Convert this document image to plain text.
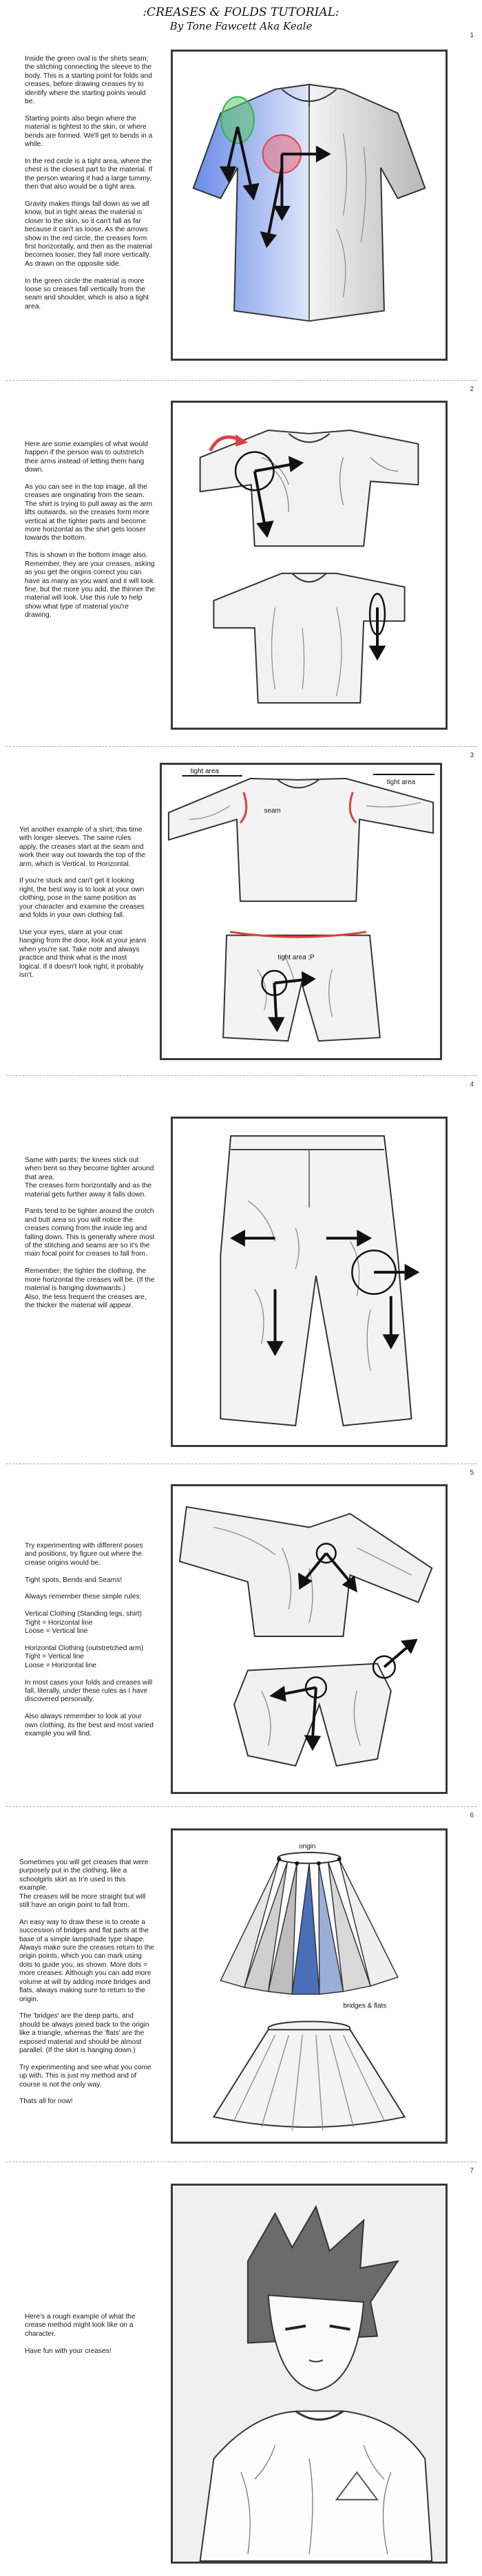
:CREASES & FOLDS TUTORIAL:
By Tone Fawcett Aka Keale
1
Inside the green oval is the shirts seam; the stitching connecting the sleeve to the body. This is a starting point for folds and creases, before drawing creases try to identify where the starting points would be.

Starting points also begin where the material is tightest to the skin, or where bends are formed. We'll get to bends in a while.

In the red circle is a tight area, where the chest is the closest part to the material. If the person wearing it had a large tummy, then that also would be a tight area.

Gravity makes things fall down as we all know, but in tight areas the material is closer to the skin, so it can't fall as far because it can't as loose. As the arrows show in the red circle, the creases form first horizontally, and then as the material becomes looser, they fall more vertically. As drawn on the opposite side.

In the green circle the material is more loose so creases fall vertically from the seam and shoulder, which is also a tight area.
2
Here are some examples of what would happen if the person was to outstretch their arms instead of letting them hang down.

As you can see in the top image, all the creases are originating from the seam. The shirt is trying to pull away as the arm lifts outwards, so the creases form more vertical at the tighter parts and become more horizontal as the shirt gets looser towards the bottom.

This is shown in the bottom image also. Remember, they are your creases, asking as you get the origins correct you can have as many as you want and it will look fine, but the more you add, the thinner the material will look. Use this rule to help show what type of material you're drawing.
3
Yet another example of a shirt; this time with longer sleeves. The same rules apply, the creases start at the seam and work their way out towards the top of the arm, which is Vertical, to Horizontal.

If you're stuck and can't get it looking right, the best way is to look at your own clothing, pose in the same position as your character and examine the creases and folds in your own clothing fall.

Use your eyes, stare at your coat hanging from the door, look at your jeans when you're sat. Take note and always practice and think what is the most logical. If it doesn't look right, it probably isn't.
tight area
tight area
seam
tight area ;P
4
Same with pants; the knees stick out when bent so they become tighter around that area.
The creases form horizontally and as the material gets further away it falls down.

Pants tend to be tighter around the crotch and butt area so you will notice the creases coming from the inside leg and falling down. This is generally where most of the stitching and seams are so it's the main focal point for creases to fall from.

Remember; the tighter the clothing, the more horizontal the creases will be. (If the material is hanging downwards.)
Also, the less frequent the creases are, the thicker the material will appear.
5
Try experimenting with different poses and positions, try figure out where the crease origins would be.

Tight spots, Bends and Seams!

Always remember these simple rules:

Vertical Clothing (Standing legs, shirt)
Tight = Horizontal line
Loose = Vertical line

Horizontal Clothing (outstretched arm)
Tight = Vertical line
Loose = Horizontal line

In most cases your folds and creases will fall, literally, under these rules as I have discovered personally.

Also always remember to look at your own clothing, its the best and most varied example you will find.
6
Sometimes you will get creases that were purposely put in the clothing, like a schoolgirls skirt as Ir'e used in this example.
The creases will be more straight but will still have an origin point to fall from.

An easy way to draw these is to create a succession of bridges and flat parts at the base of a simple lampshade type shape. Always make sure the creases return to the origin points, which you can mark using dots to guide you, as shown. More dots = more creases. Although you can add more volume at will by adding more bridges and flats, always making sure to return to the origin.

The 'bridges' are the deep parts, and should be always joined back to the origin like a triangle, whereas the 'flats' are the exposed material and should be almost parallel. (If the skirt is hanging down.)

Try experimenting and see what you come up with. This is just my method and of course is not the only way.

Thats all for now!
origin
bridges & flats
7
Here's a rough example of what the crease method might look like on a character.

Have fun with your creases!
